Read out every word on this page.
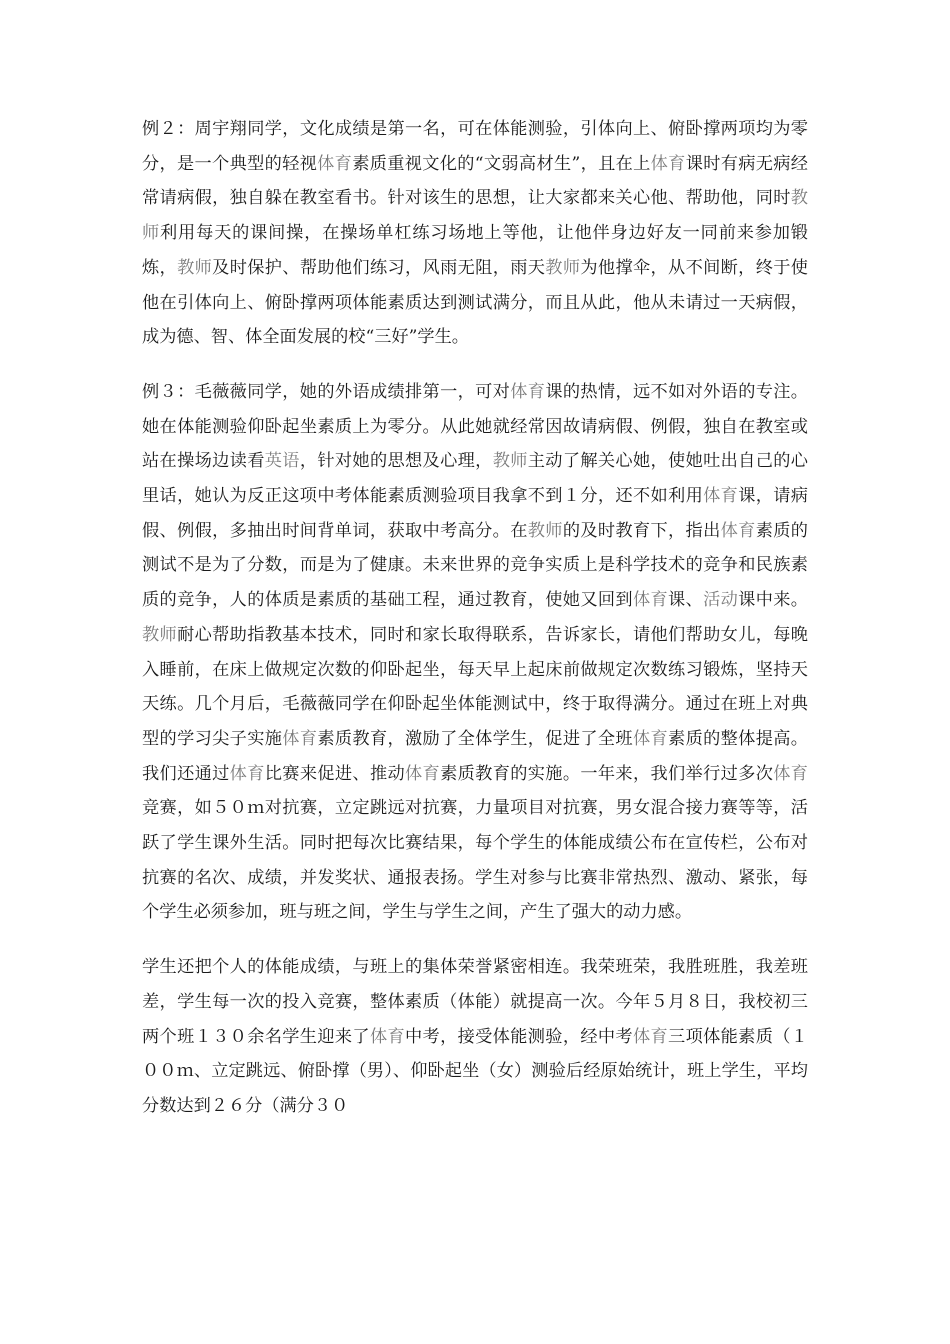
例２：周宇翔同学，文化成绩是第一名，可在体能测验，引体向上、俯卧撑两项均为零分，是一个典型的轻视体育素质重视文化的“文弱高材生”，且在上体育课时有病无病经常请病假，独自躲在教室看书。针对该生的思想，让大家都来关心他、帮助他，同时教师利用每天的课间操，在操场单杠练习场地上等他，让他伴身边好友一同前来参加锻炼，教师及时保护、帮助他们练习，风雨无阻，雨天教师为他撑伞，从不间断，终于使他在引体向上、俯卧撑两项体能素质达到测试满分，而且从此，他从未请过一天病假，成为德、智、体全面发展的校“三好”学生。

例３：毛薇薇同学，她的外语成绩排第一，可对体育课的热情，远不如对外语的专注。她在体能测验仰卧起坐素质上为零分。从此她就经常因故请病假、例假，独自在教室或站在操场边读看英语，针对她的思想及心理，教师主动了解关心她，使她吐出自己的心里话，她认为反正这项中考体能素质测验项目我拿不到１分，还不如利用体育课，请病假、例假，多抽出时间背单词，获取中考高分。在教师的及时教育下，指出体育素质的测试不是为了分数，而是为了健康。未来世界的竞争实质上是科学技术的竞争和民族素质的竞争，人的体质是素质的基础工程，通过教育，使她又回到体育课、活动课中来。教师耐心帮助指教基本技术，同时和家长取得联系，告诉家长，请他们帮助女儿，每晚入睡前，在床上做规定次数的仰卧起坐，每天早上起床前做规定次数练习锻炼，坚持天天练。几个月后，毛薇薇同学在仰卧起坐体能测试中，终于取得满分。通过在班上对典型的学习尖子实施体育素质教育，激励了全体学生，促进了全班体育素质的整体提高。我们还通过体育比赛来促进、推动体育素质教育的实施。一年来，我们举行过多次体育竞赛，如５０ｍ对抗赛，立定跳远对抗赛，力量项目对抗赛，男女混合接力赛等等，活跃了学生课外生活。同时把每次比赛结果，每个学生的体能成绩公布在宣传栏，公布对抗赛的名次、成绩，并发奖状、通报表扬。学生对参与比赛非常热烈、激动、紧张，每个学生必须参加，班与班之间，学生与学生之间，产生了强大的动力感。

学生还把个人的体能成绩，与班上的集体荣誉紧密相连。我荣班荣，我胜班胜，我差班差，学生每一次的投入竞赛，整体素质（体能）就提高一次。今年５月８日，我校初三两个班１３０余名学生迎来了体育中考，接受体能测验，经中考体育三项体能素质（１００ｍ、立定跳远、俯卧撑（男）、仰卧起坐（女）测验后经原始统计，班上学生，平均分数达到２６分（满分３０
